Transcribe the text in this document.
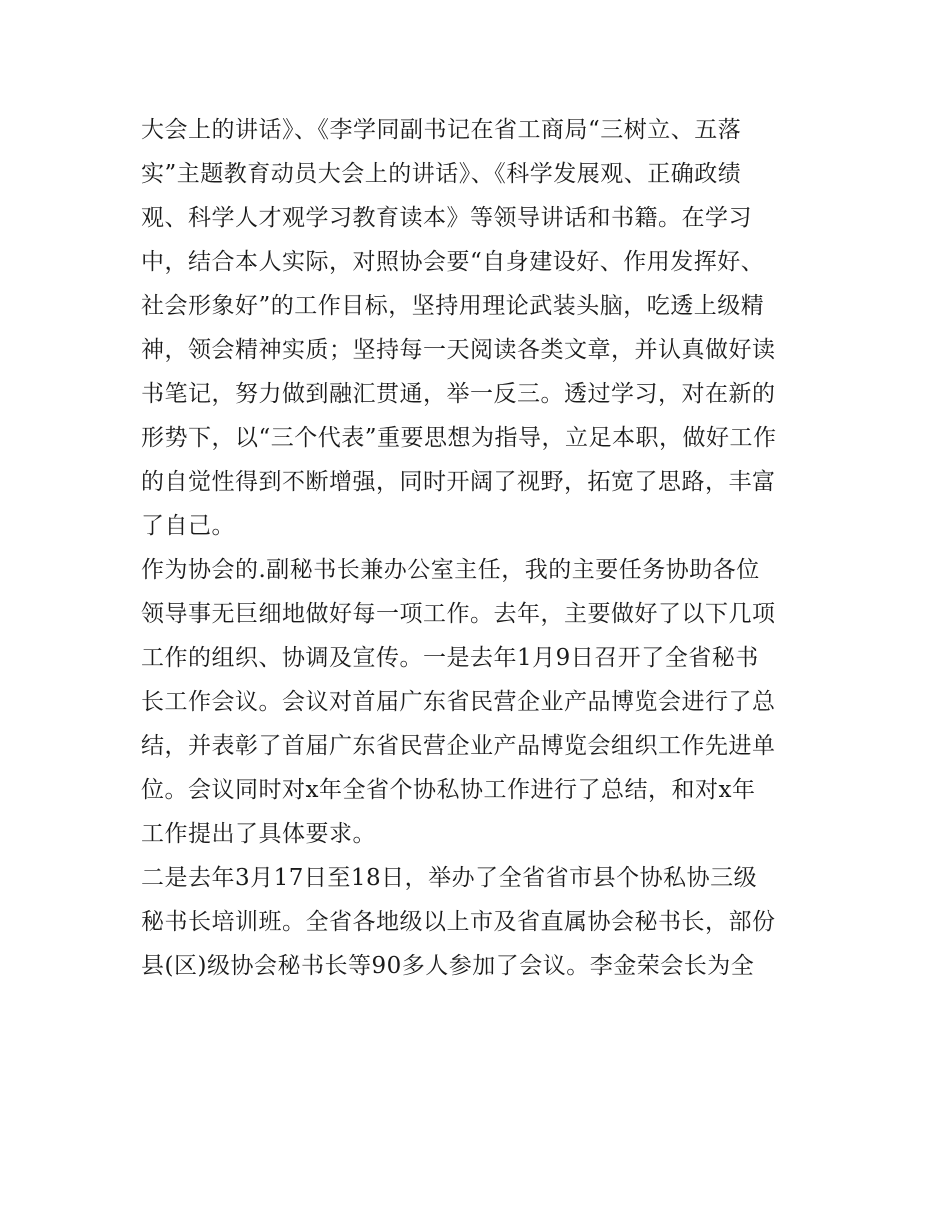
大会上的讲话》、《李学同副书记在省工商局“三树立、五落
实”主题教育动员大会上的讲话》、《科学发展观、正确政绩
观、科学人才观学习教育读本》等领导讲话和书籍。在学习
中，结合本人实际，对照协会要“自身建设好、作用发挥好、
社会形象好”的工作目标，坚持用理论武装头脑，吃透上级精
神，领会精神实质；坚持每一天阅读各类文章，并认真做好读
书笔记，努力做到融汇贯通，举一反三。透过学习，对在新的
形势下，以“三个代表”重要思想为指导，立足本职，做好工作
的自觉性得到不断增强，同时开阔了视野，拓宽了思路，丰富
了自己。
作为协会的.副秘书长兼办公室主任，我的主要任务协助各位
领导事无巨细地做好每一项工作。去年，主要做好了以下几项
工作的组织、协调及宣传。一是去年1月9日召开了全省秘书
长工作会议。会议对首届广东省民营企业产品博览会进行了总
结，并表彰了首届广东省民营企业产品博览会组织工作先进单
位。会议同时对x年全省个协私协工作进行了总结，和对x年
工作提出了具体要求。
二是去年3月17日至18日，举办了全省省市县个协私协三级
秘书长培训班。全省各地级以上市及省直属协会秘书长，部份
县(区)级协会秘书长等90多人参加了会议。李金荣会长为全
